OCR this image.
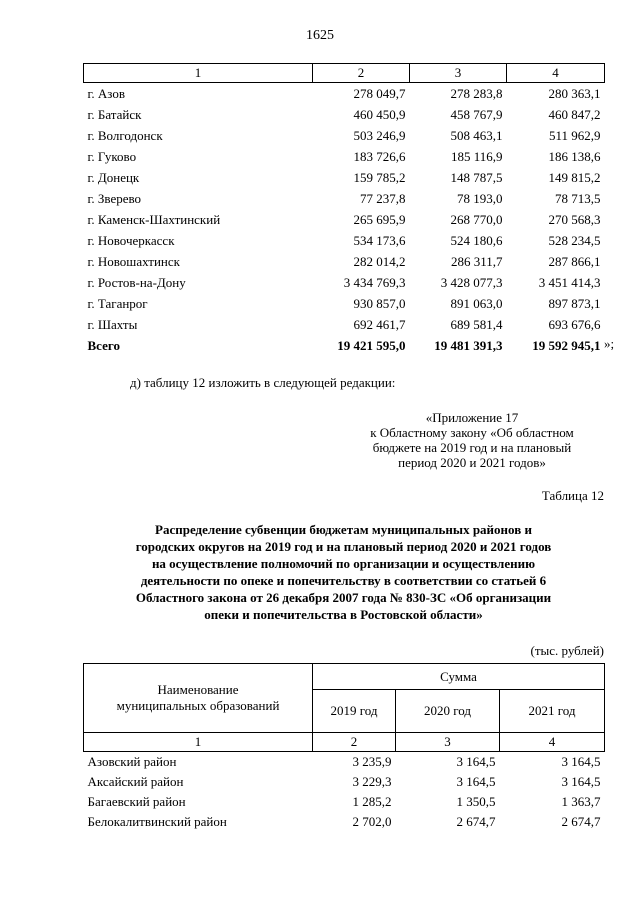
1625
1	2	3	4
г. Азов	278 049,7	278 283,8	280 363,1
г. Батайск	460 450,9	458 767,9	460 847,2
г. Волгодонск	503 246,9	508 463,1	511 962,9
г. Гуково	183 726,6	185 116,9	186 138,6
г. Донецк	159 785,2	148 787,5	149 815,2
г. Зверево	77 237,8	78 193,0	78 713,5
г. Каменск-Шахтинский	265 695,9	268 770,0	270 568,3
г. Новочеркасск	534 173,6	524 180,6	528 234,5
г. Новошахтинск	282 014,2	286 311,7	287 866,1
г. Ростов-на-Дону	3 434 769,3	3 428 077,3	3 451 414,3
г. Таганрог	930 857,0	891 063,0	897 873,1
г. Шахты	692 461,7	689 581,4	693 676,6
Всего	19 421 595,0	19 481 391,3	19 592 945,1 »;
д) таблицу 12 изложить в следующей редакции:
«Приложение 17
к Областному закону «Об областном
бюджете на 2019 год и на плановый
период 2020 и 2021 годов»
Таблица 12
Распределение субвенции бюджетам муниципальных районов и
городских округов на 2019 год и на плановый период 2020 и 2021 годов
на осуществление полномочий по организации и осуществлению
деятельности по опеке и попечительству в соответствии со статьей 6
Областного закона от 26 декабря 2007 года № 830-ЗС «Об организации
опеки и попечительства в Ростовской области»
(тыс. рублей)
Наименование
муниципальных образований	Сумма		
	2019 год	2020 год	2021 год
1	2	3	4
Азовский район	3 235,9	3 164,5	3 164,5
Аксайский район	3 229,3	3 164,5	3 164,5
Багаевский район	1 285,2	1 350,5	1 363,7
Белокалитвинский район	2 702,0	2 674,7	2 674,7
